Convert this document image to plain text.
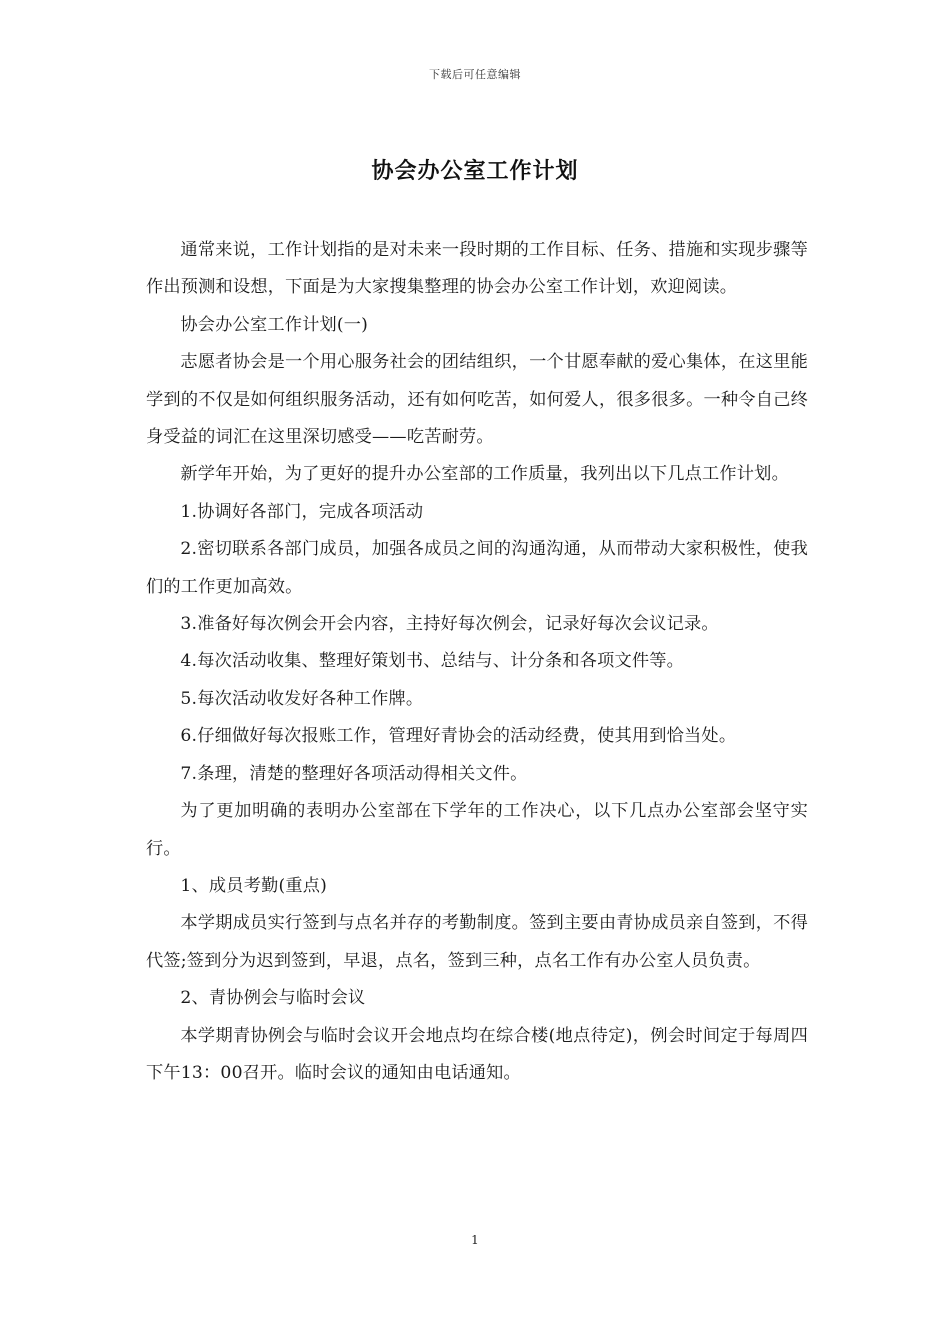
下载后可任意编辑
协会办公室工作计划

通常来说，工作计划指的是对未来一段时期的工作目标、任务、措施和实现步骤等作出预测和设想，下面是为大家搜集整理的协会办公室工作计划，欢迎阅读。

协会办公室工作计划(一)

志愿者协会是一个用心服务社会的团结组织，一个甘愿奉献的爱心集体，在这里能学到的不仅是如何组织服务活动，还有如何吃苦，如何爱人，很多很多。一种令自己终身受益的词汇在这里深切感受——吃苦耐劳。

新学年开始，为了更好的提升办公室部的工作质量，我列出以下几点工作计划。

1.协调好各部门，完成各项活动

2.密切联系各部门成员，加强各成员之间的沟通沟通，从而带动大家积极性，使我们的工作更加高效。

3.准备好每次例会开会内容，主持好每次例会，记录好每次会议记录。

4.每次活动收集、整理好策划书、总结与、计分条和各项文件等。

5.每次活动收发好各种工作牌。

6.仔细做好每次报账工作，管理好青协会的活动经费，使其用到恰当处。

7.条理，清楚的整理好各项活动得相关文件。

为了更加明确的表明办公室部在下学年的工作决心，以下几点办公室部会坚守实行。

1、成员考勤(重点)

本学期成员实行签到与点名并存的考勤制度。签到主要由青协成员亲自签到，不得代签;签到分为迟到签到，早退，点名，签到三种，点名工作有办公室人员负责。

2、青协例会与临时会议

本学期青协例会与临时会议开会地点均在综合楼(地点待定)，例会时间定于每周四下午13：00召开。临时会议的通知由电话通知。

1
